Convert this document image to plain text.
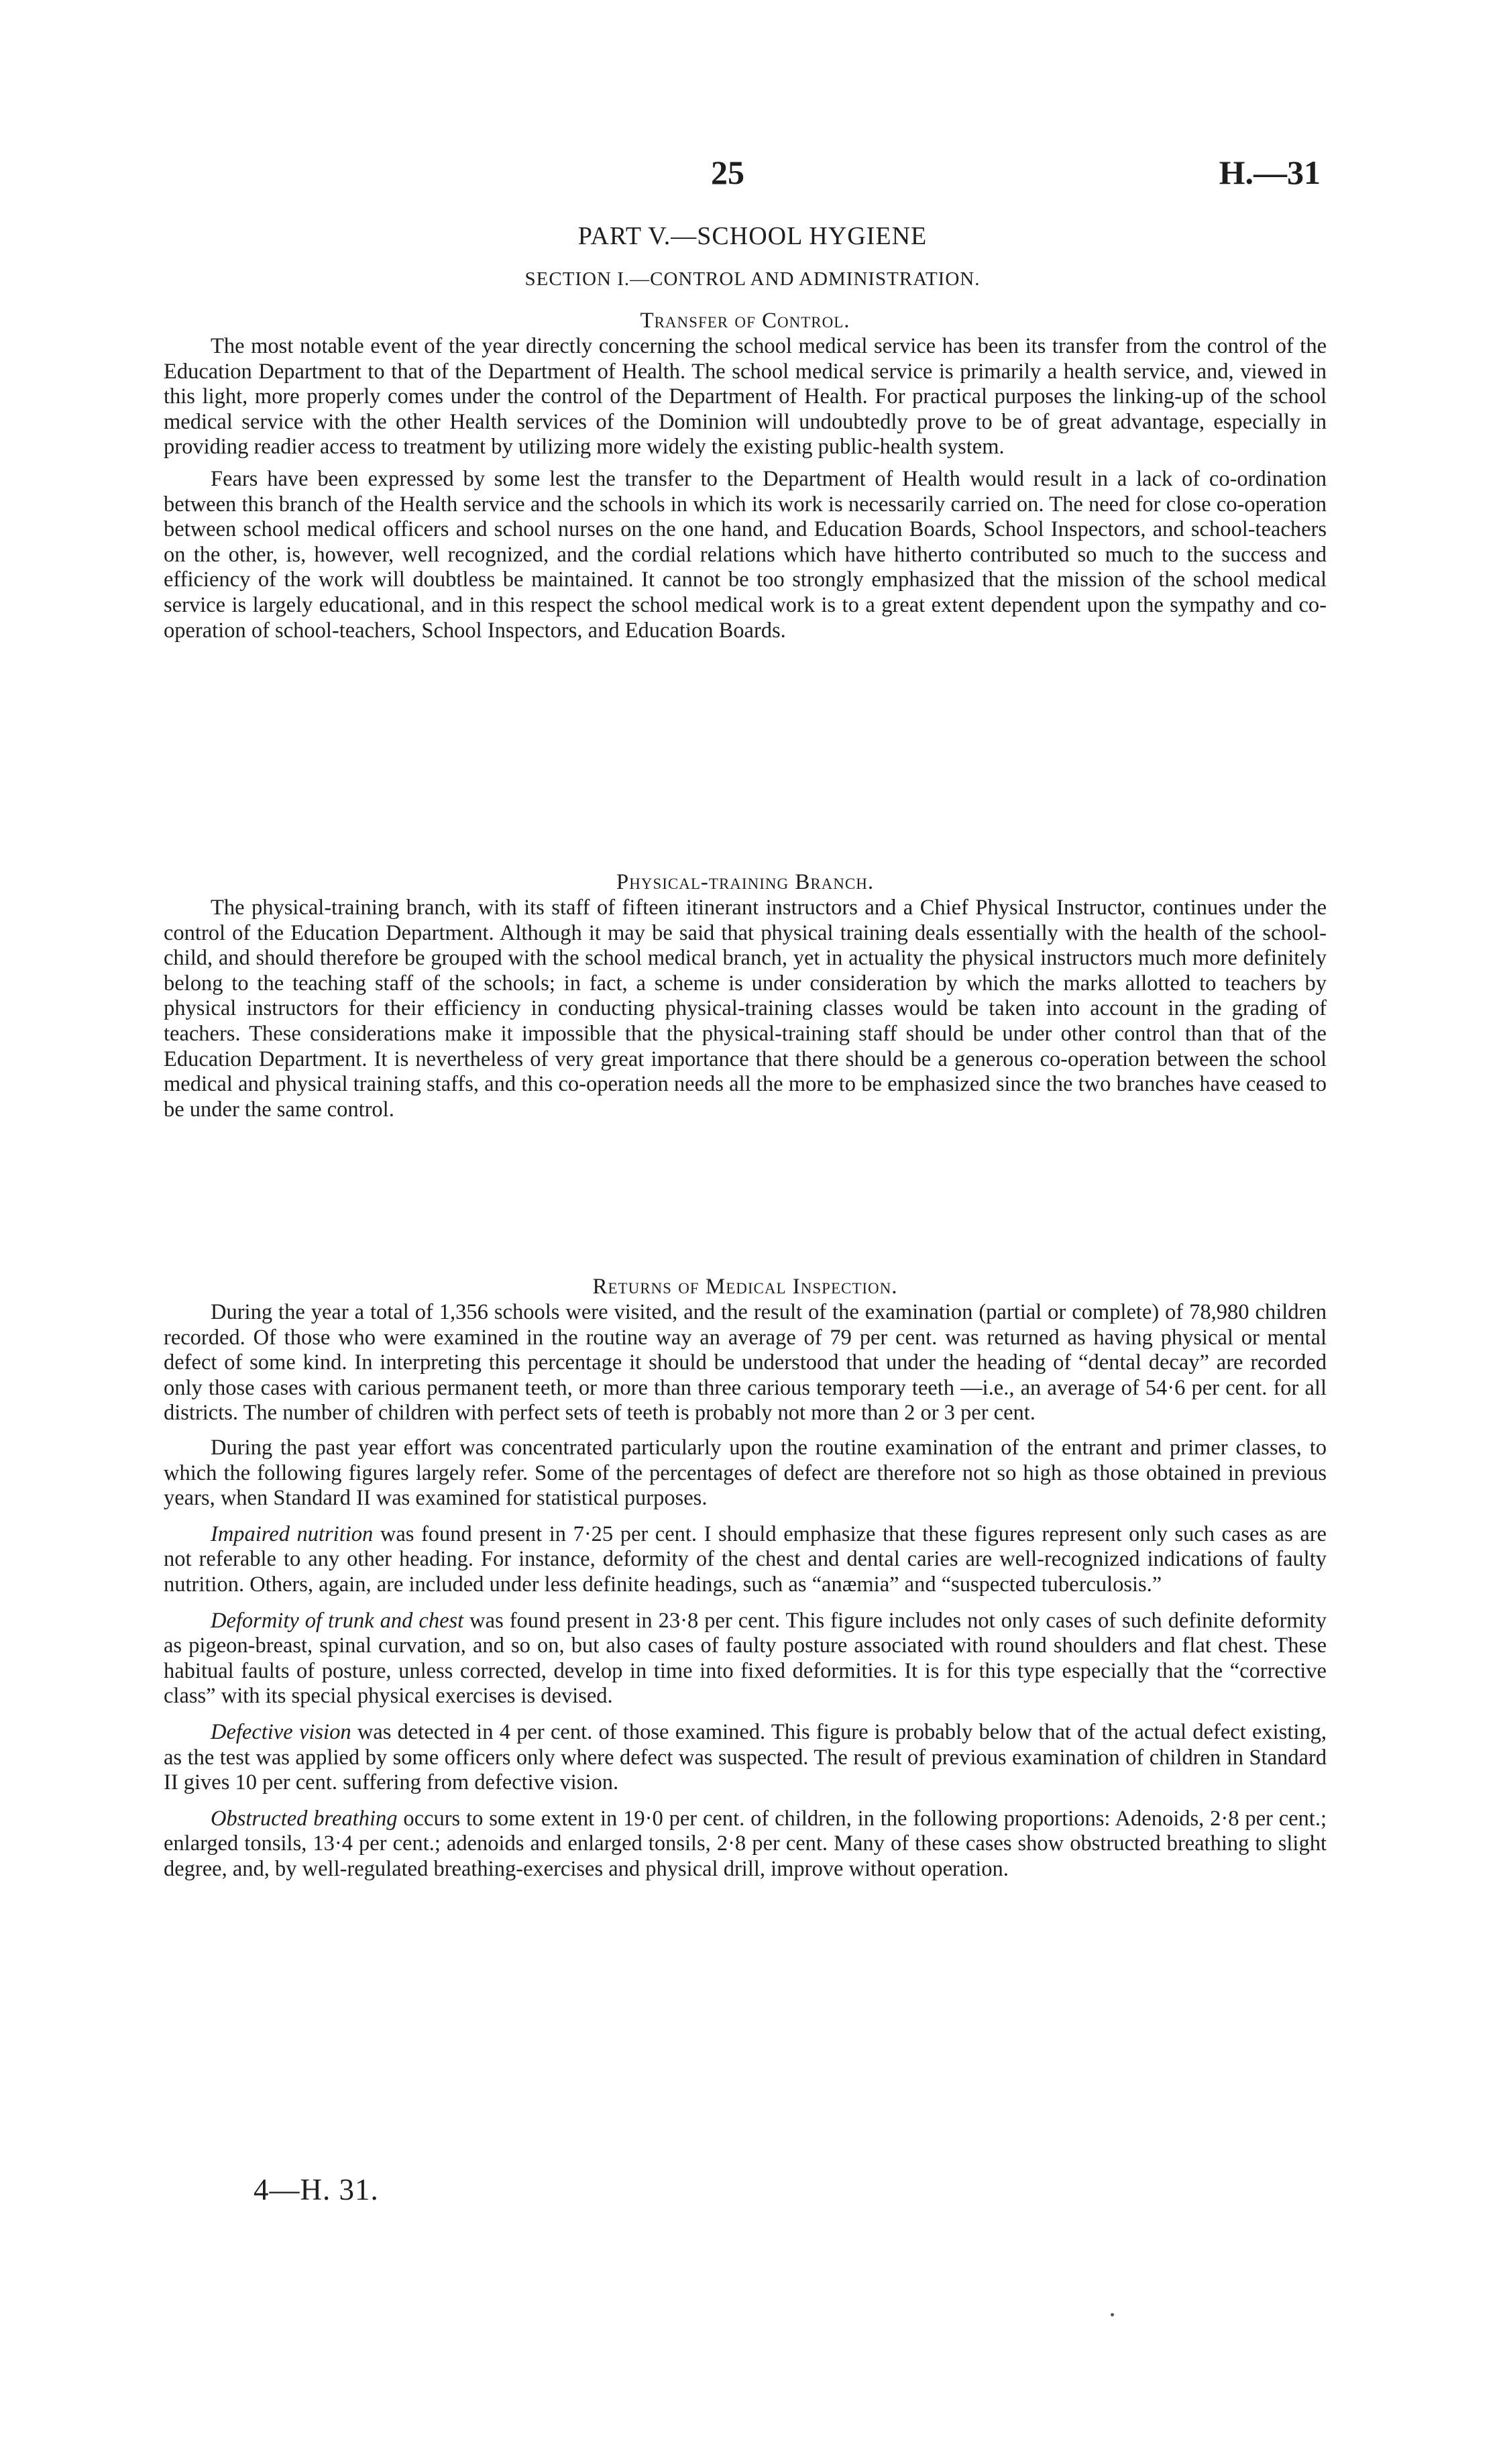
25	H.—31
PART V.—SCHOOL HYGIENE
SECTION I.—CONTROL AND ADMINISTRATION.
Transfer of Control.

The most notable event of the year directly concerning the school medical service has been its transfer from the control of the Education Department to that of the Department of Health. The school medical service is primarily a health service, and, viewed in this light, more properly comes under the control of the Department of Health. For practical purposes the linking-up of the school medical service with the other Health services of the Dominion will undoubtedly prove to be of great advantage, especially in providing readier access to treatment by utilizing more widely the existing public-health system.

Fears have been expressed by some lest the transfer to the Department of Health would result in a lack of co-ordination between this branch of the Health service and the schools in which its work is necessarily carried on. The need for close co-operation between school medical officers and school nurses on the one hand, and Education Boards, School Inspectors, and school-teachers on the other, is, however, well recognized, and the cordial relations which have hitherto contributed so much to the success and efficiency of the work will doubtless be maintained. It cannot be too strongly emphasized that the mission of the school medical service is largely educational, and in this respect the school medical work is to a great extent dependent upon the sympathy and co-operation of school-teachers, School Inspectors, and Education Boards.

Physical-training Branch.

The physical-training branch, with its staff of fifteen itinerant instructors and a Chief Physical Instructor, continues under the control of the Education Department. Although it may be said that physical training deals essentially with the health of the school-child, and should therefore be grouped with the school medical branch, yet in actuality the physical instructors much more definitely belong to the teaching staff of the schools; in fact, a scheme is under consideration by which the marks allotted to teachers by physical instructors for their efficiency in conducting physical-training classes would be taken into account in the grading of teachers. These considerations make it impossible that the physical-training staff should be under other control than that of the Education Department. It is nevertheless of very great importance that there should be a generous co-operation between the school medical and physical training staffs, and this co-operation needs all the more to be emphasized since the two branches have ceased to be under the same control.

Returns of Medical Inspection.

During the year a total of 1,356 schools were visited, and the result of the examination (partial or complete) of 78,980 children recorded. Of those who were examined in the routine way an average of 79 per cent. was returned as having physical or mental defect of some kind. In interpreting this percentage it should be understood that under the heading of “dental decay” are recorded only those cases with carious permanent teeth, or more than three carious temporary teeth —i.e., an average of 54·6 per cent. for all districts. The number of children with perfect sets of teeth is probably not more than 2 or 3 per cent.

During the past year effort was concentrated particularly upon the routine examination of the entrant and primer classes, to which the following figures largely refer. Some of the percentages of defect are therefore not so high as those obtained in previous years, when Standard II was examined for statistical purposes.

Impaired nutrition was found present in 7·25 per cent. I should emphasize that these figures represent only such cases as are not referable to any other heading. For instance, deformity of the chest and dental caries are well-recognized indications of faulty nutrition. Others, again, are included under less definite headings, such as “anæmia” and “suspected tuberculosis.”

Deformity of trunk and chest was found present in 23·8 per cent. This figure includes not only cases of such definite deformity as pigeon-breast, spinal curvation, and so on, but also cases of faulty posture associated with round shoulders and flat chest. These habitual faults of posture, unless corrected, develop in time into fixed deformities. It is for this type especially that the “corrective class” with its special physical exercises is devised.

Defective vision was detected in 4 per cent. of those examined. This figure is probably below that of the actual defect existing, as the test was applied by some officers only where defect was suspected. The result of previous examination of children in Standard II gives 10 per cent. suffering from defective vision.

Obstructed breathing occurs to some extent in 19·0 per cent. of children, in the following proportions: Adenoids, 2·8 per cent.; enlarged tonsils, 13·4 per cent.; adenoids and enlarged tonsils, 2·8 per cent. Many of these cases show obstructed breathing to slight degree, and, by well-regulated breathing-exercises and physical drill, improve without operation.

4—H. 31.
